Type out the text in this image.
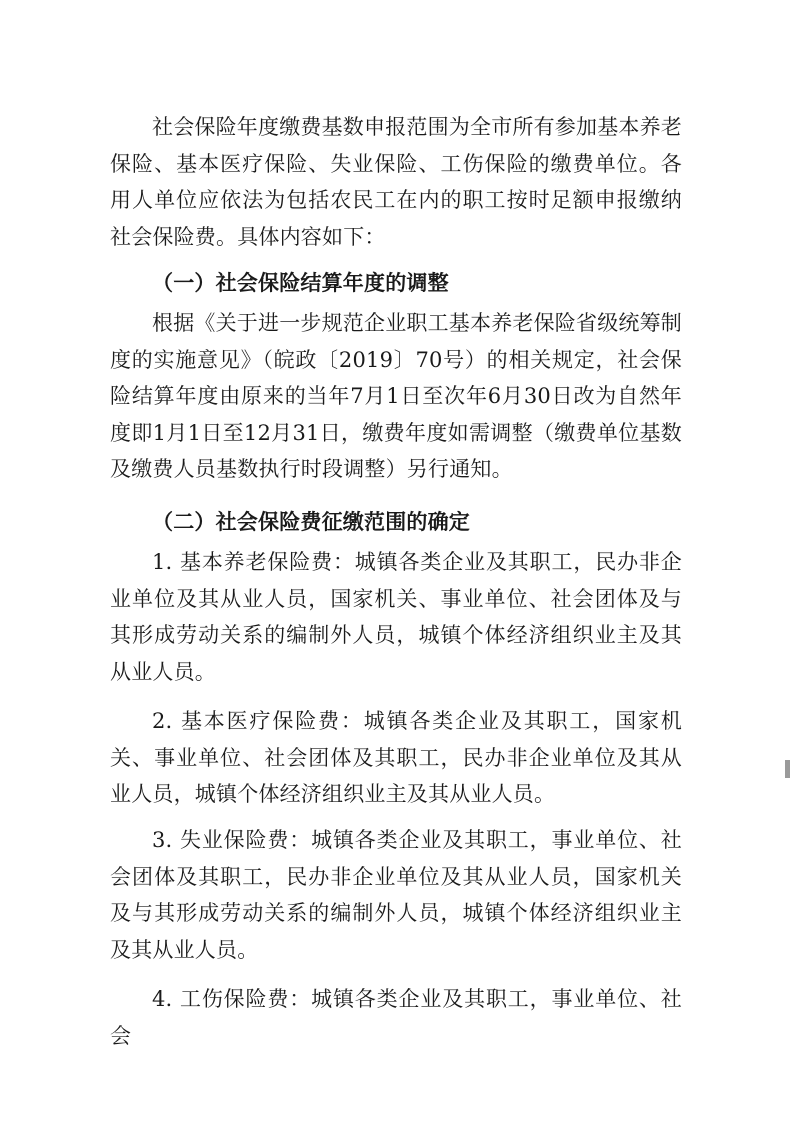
社会保险年度缴费基数申报范围为全市所有参加基本养老保险、基本医疗保险、失业保险、工伤保险的缴费单位。各用人单位应依法为包括农民工在内的职工按时足额申报缴纳社会保险费。具体内容如下：
（一）社会保险结算年度的调整
根据《关于进一步规范企业职工基本养老保险省级统筹制度的实施意见》（皖政〔2019〕70号）的相关规定，社会保险结算年度由原来的当年7月1日至次年6月30日改为自然年度即1月1日至12月31日，缴费年度如需调整（缴费单位基数及缴费人员基数执行时段调整）另行通知。
（二）社会保险费征缴范围的确定
1. 基本养老保险费：城镇各类企业及其职工，民办非企业单位及其从业人员，国家机关、事业单位、社会团体及与其形成劳动关系的编制外人员，城镇个体经济组织业主及其从业人员。
2. 基本医疗保险费：城镇各类企业及其职工，国家机关、事业单位、社会团体及其职工，民办非企业单位及其从业人员，城镇个体经济组织业主及其从业人员。
3. 失业保险费：城镇各类企业及其职工，事业单位、社会团体及其职工，民办非企业单位及其从业人员，国家机关及与其形成劳动关系的编制外人员，城镇个体经济组织业主及其从业人员。
4. 工伤保险费：城镇各类企业及其职工，事业单位、社会
